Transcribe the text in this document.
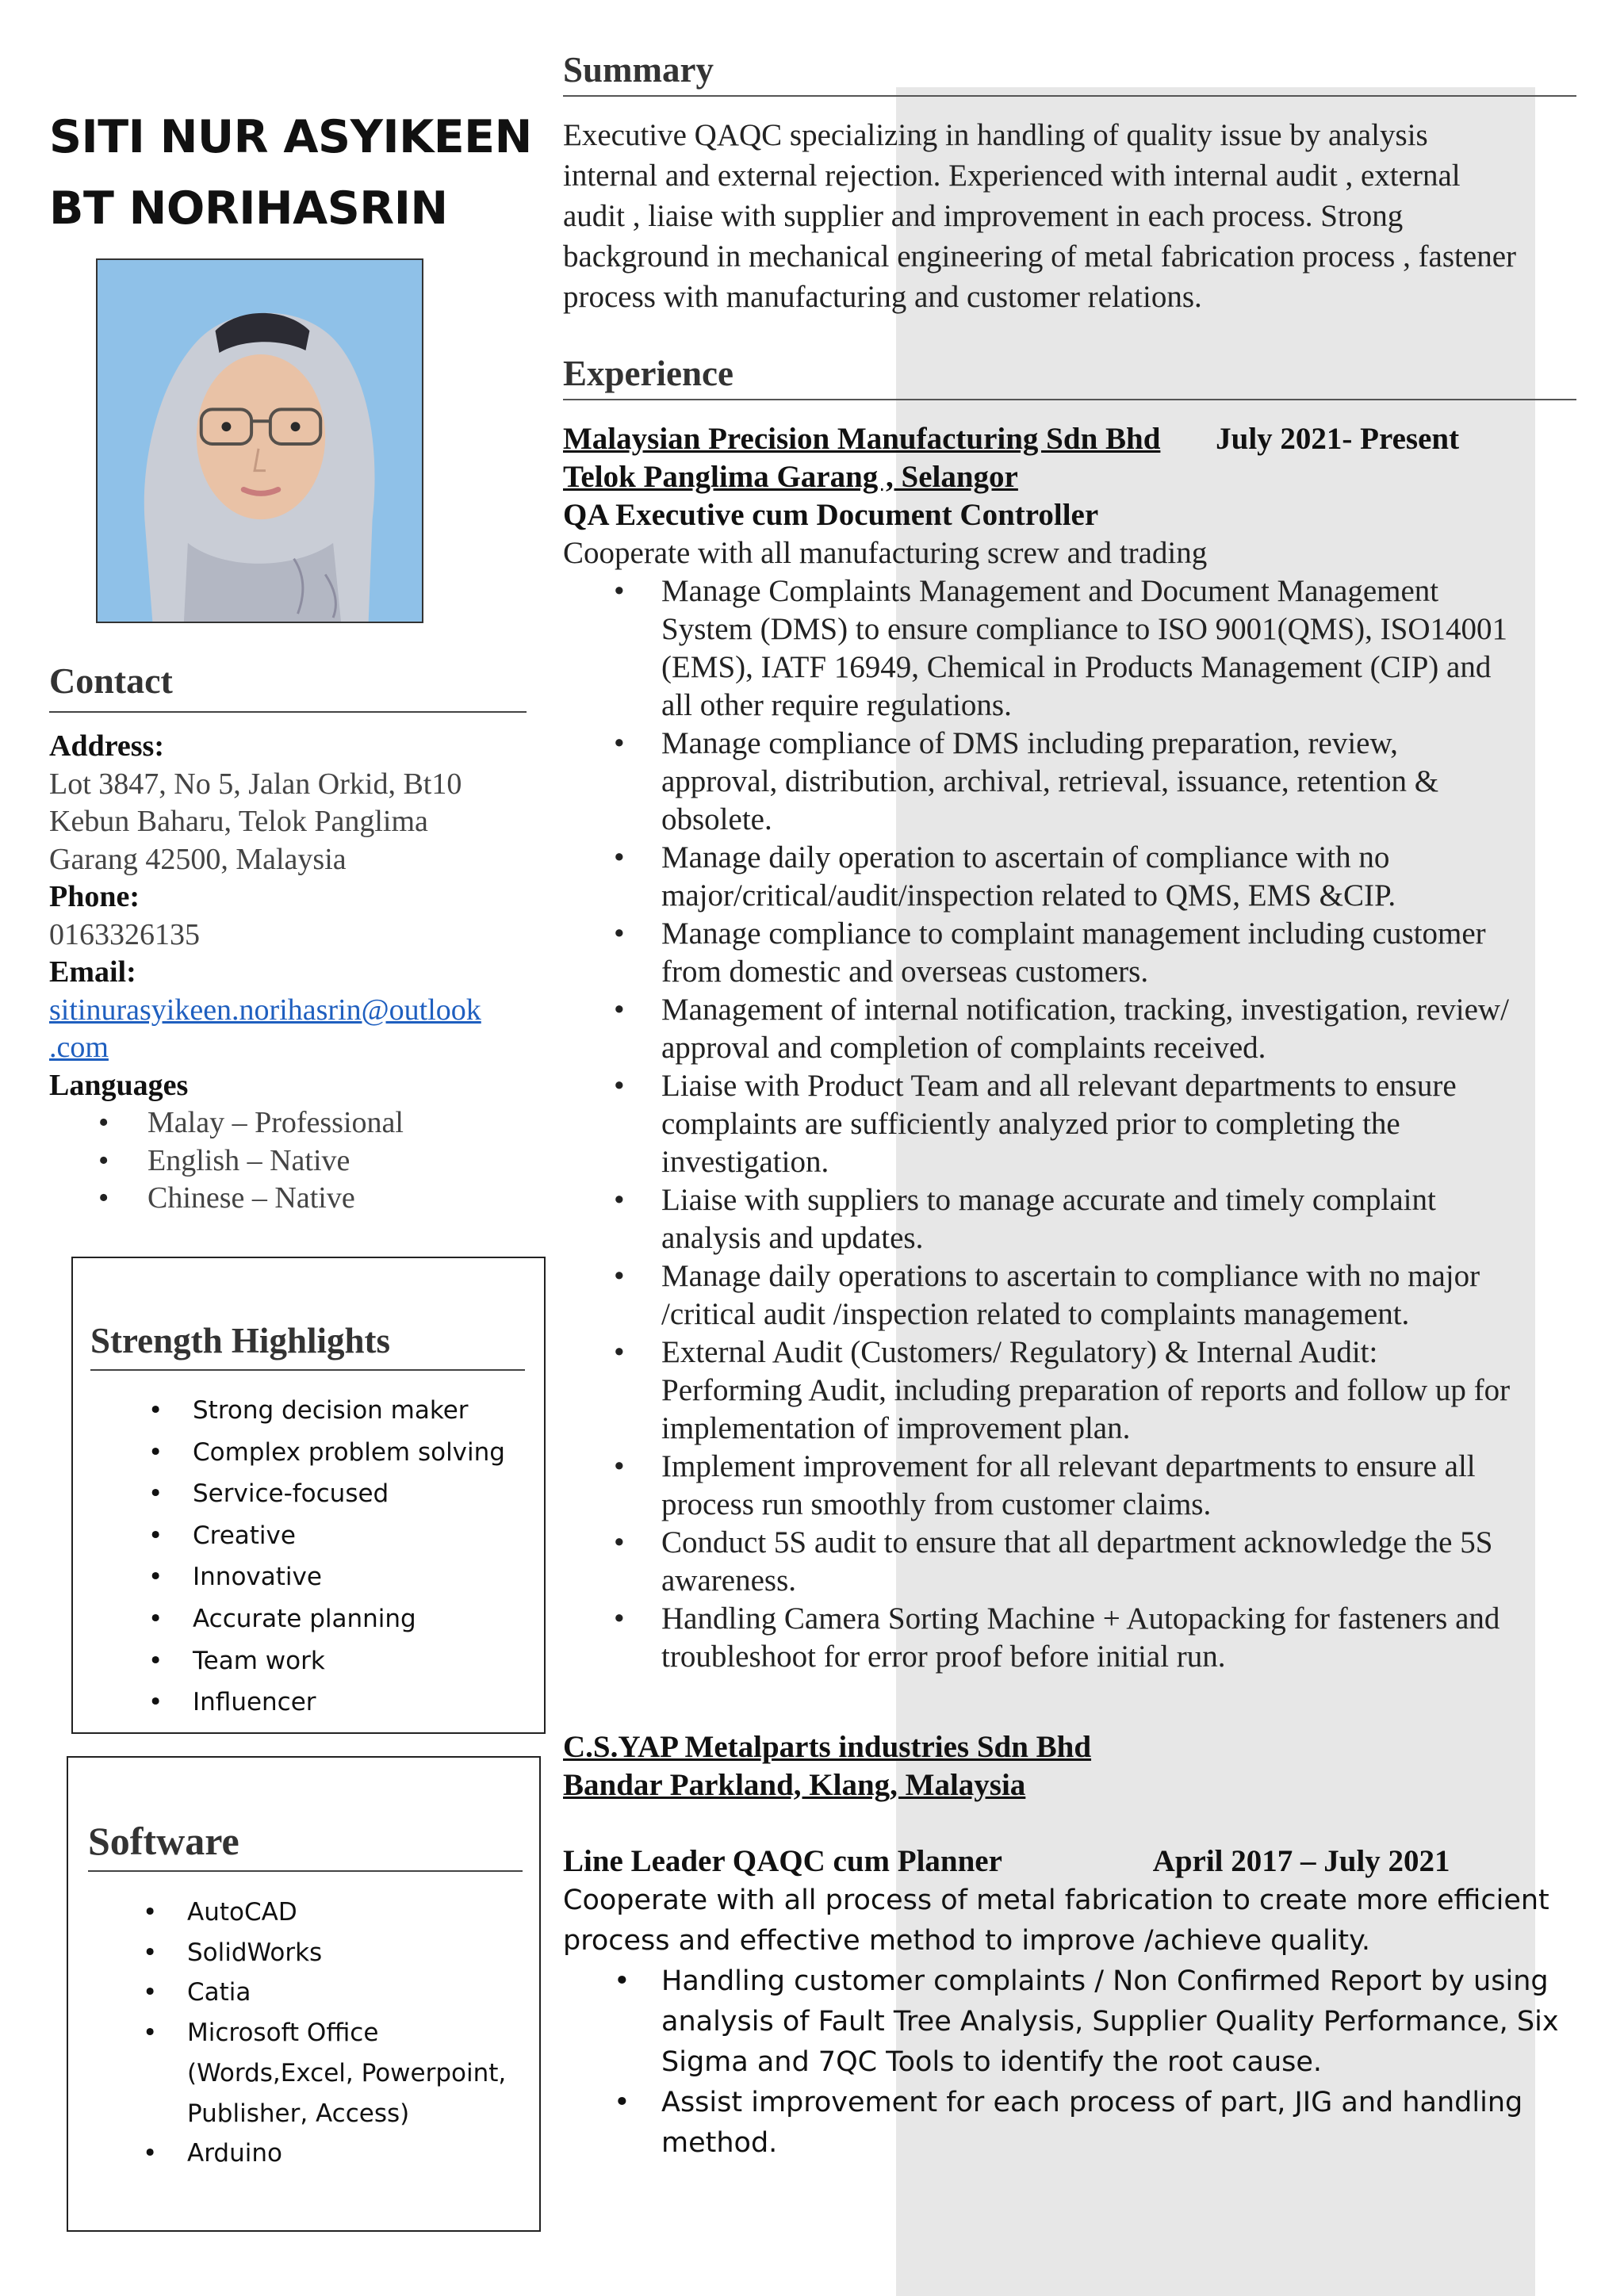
SITI NUR ASYIKEEN
BT NORIHASRIN
Contact
Address:
Lot 3847, No 5, Jalan Orkid, Bt10
Kebun Baharu, Telok Panglima
Garang 42500, Malaysia
Phone:
0163326135
Email:
sitinurasyikeen.norihasrin@outlook
.com
Languages
• Malay – Professional
• English – Native
• Chinese – Native
Strength Highlights
• Strong decision maker
• Complex problem solving
• Service-focused
• Creative
• Innovative
• Accurate planning
• Team work
• Influencer
Software
• AutoCAD
• SolidWorks
• Catia
• Microsoft Office
(Words,Excel, Powerpoint,
Publisher, Access)
• Arduino
Summary
Executive QAQC specializing in handling of quality issue by analysis
internal and external rejection. Experienced with internal audit , external
audit , liaise with supplier and improvement in each process. Strong
background in mechanical engineering of metal fabrication process , fastener
process with manufacturing and customer relations.
Experience
Malaysian Precision Manufacturing Sdn Bhd July 2021- Present
Telok Panglima Garang , Selangor
QA Executive cum Document Controller
Cooperate with all manufacturing screw and trading
• Manage Complaints Management and Document Management
System (DMS) to ensure compliance to ISO 9001(QMS), ISO14001
(EMS), IATF 16949, Chemical in Products Management (CIP) and
all other require regulations.
• Manage compliance of DMS including preparation, review,
approval, distribution, archival, retrieval, issuance, retention &
obsolete.
• Manage daily operation to ascertain of compliance with no
major/critical/audit/inspection related to QMS, EMS &CIP.
• Manage compliance to complaint management including customer
from domestic and overseas customers.
• Management of internal notification, tracking, investigation, review/
approval and completion of complaints received.
• Liaise with Product Team and all relevant departments to ensure
complaints are sufficiently analyzed prior to completing the
investigation.
• Liaise with suppliers to manage accurate and timely complaint
analysis and updates.
• Manage daily operations to ascertain to compliance with no major
/critical audit /inspection related to complaints management.
• External Audit (Customers/ Regulatory) & Internal Audit:
Performing Audit, including preparation of reports and follow up for
implementation of improvement plan.
• Implement improvement for all relevant departments to ensure all
process run smoothly from customer claims.
• Conduct 5S audit to ensure that all department acknowledge the 5S
awareness.
• Handling Camera Sorting Machine + Autopacking for fasteners and
troubleshoot for error proof before initial run.
C.S.YAP Metalparts industries Sdn Bhd
Bandar Parkland, Klang, Malaysia
Line Leader QAQC cum Planner	April 2017 – July 2021
Cooperate with all process of metal fabrication to create more efficient
process and effective method to improve /achieve quality.
• Handling customer complaints / Non Confirmed Report by using
analysis of Fault Tree Analysis, Supplier Quality Performance, Six
Sigma and 7QC Tools to identify the root cause.
• Assist improvement for each process of part, JIG and handling
method.
